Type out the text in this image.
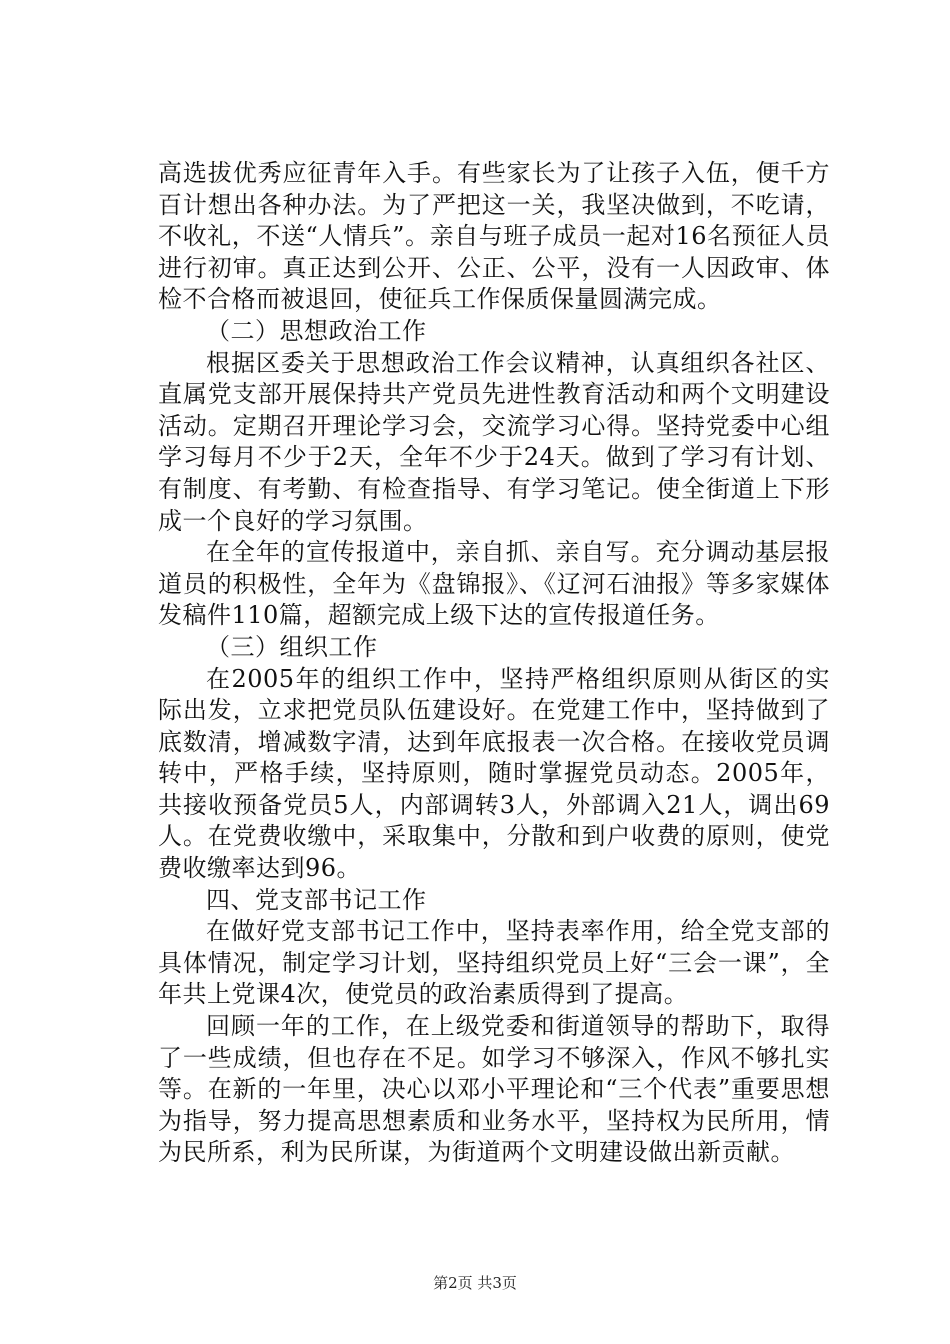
高选拔优秀应征青年入手。有些家长为了让孩子入伍，便千方百计想出各种办法。为了严把这一关，我坚决做到，不吃请，不收礼，不送“人情兵”。亲自与班子成员一起对16名预征人员进行初审。真正达到公开、公正、公平，没有一人因政审、体检不合格而被退回，使征兵工作保质保量圆满完成。

（二）思想政治工作

根据区委关于思想政治工作会议精神，认真组织各社区、直属党支部开展保持共产党员先进性教育活动和两个文明建设活动。定期召开理论学习会，交流学习心得。坚持党委中心组学习每月不少于2天，全年不少于24天。做到了学习有计划、有制度、有考勤、有检查指导、有学习笔记。使全街道上下形成一个良好的学习氛围。

在全年的宣传报道中，亲自抓、亲自写。充分调动基层报道员的积极性，全年为《盘锦报》、《辽河石油报》等多家媒体发稿件110篇，超额完成上级下达的宣传报道任务。

（三）组织工作

在2005年的组织工作中，坚持严格组织原则从街区的实际出发，立求把党员队伍建设好。在党建工作中，坚持做到了底数清，增减数字清，达到年底报表一次合格。在接收党员调转中，严格手续，坚持原则，随时掌握党员动态。2005年，共接收预备党员5人，内部调转3人，外部调入21人，调出69人。在党费收缴中，采取集中，分散和到户收费的原则，使党费收缴率达到96。

四、党支部书记工作

在做好党支部书记工作中，坚持表率作用，给全党支部的具体情况，制定学习计划，坚持组织党员上好“三会一课”，全年共上党课4次，使党员的政治素质得到了提高。

回顾一年的工作，在上级党委和街道领导的帮助下，取得了一些成绩，但也存在不足。如学习不够深入，作风不够扎实等。在新的一年里，决心以邓小平理论和“三个代表”重要思想为指导，努力提高思想素质和业务水平，坚持权为民所用，情为民所系，利为民所谋，为街道两个文明建设做出新贡献。

第2页 共3页
